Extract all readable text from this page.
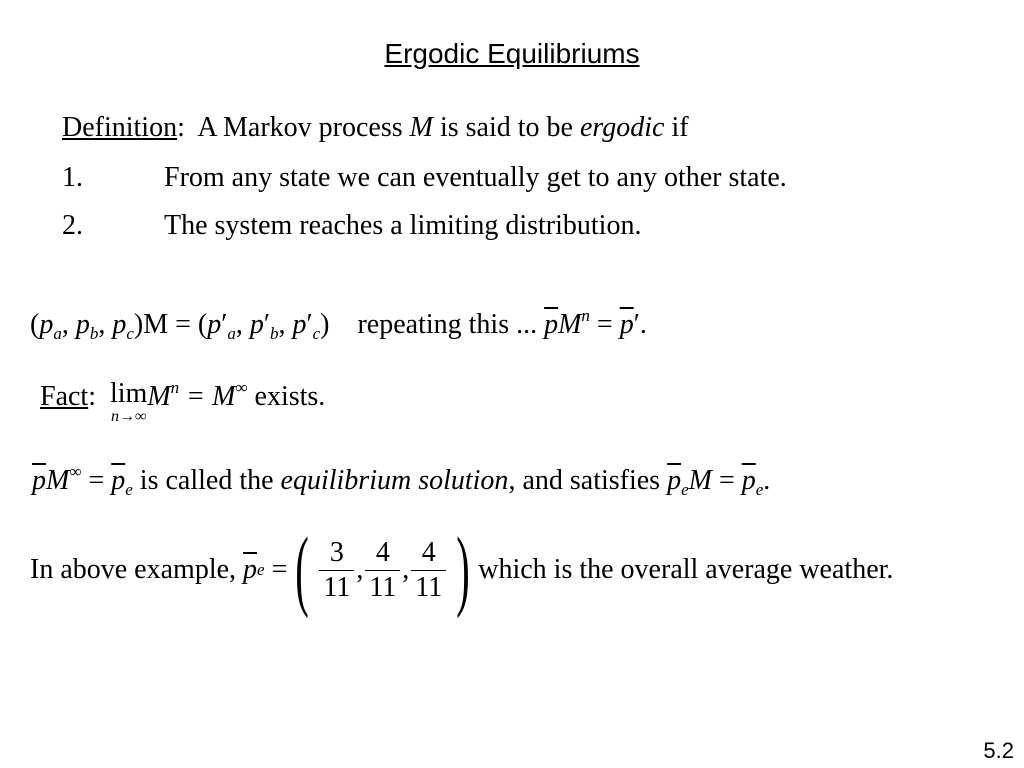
Ergodic Equilibriums
Definition: A Markov process M is said to be ergodic if
1.	From any state we can eventually get to any other state.
2.	The system reaches a limiting distribution.
($p_a$, $p_b$, $p_c)M = (p'_a$, $p'_b$, $p'_c$) repeating this ... $\overline{p}M^n = \overline{p}'$.
Fact: lim
n→∞
$M^n = M^\infty$ exists.
$\overline{p}M^\infty = \overline{p}_e$ is called the equilibrium solution, and satisfies $\overline{p}_eM = \overline{p}_e$.
In above example,
$\overline{p}$ e
= ( $\frac{3}{11}$ , $\frac{4}{11}$ , $\frac{4}{11}$ ) which is the overall average weather.
5.2
